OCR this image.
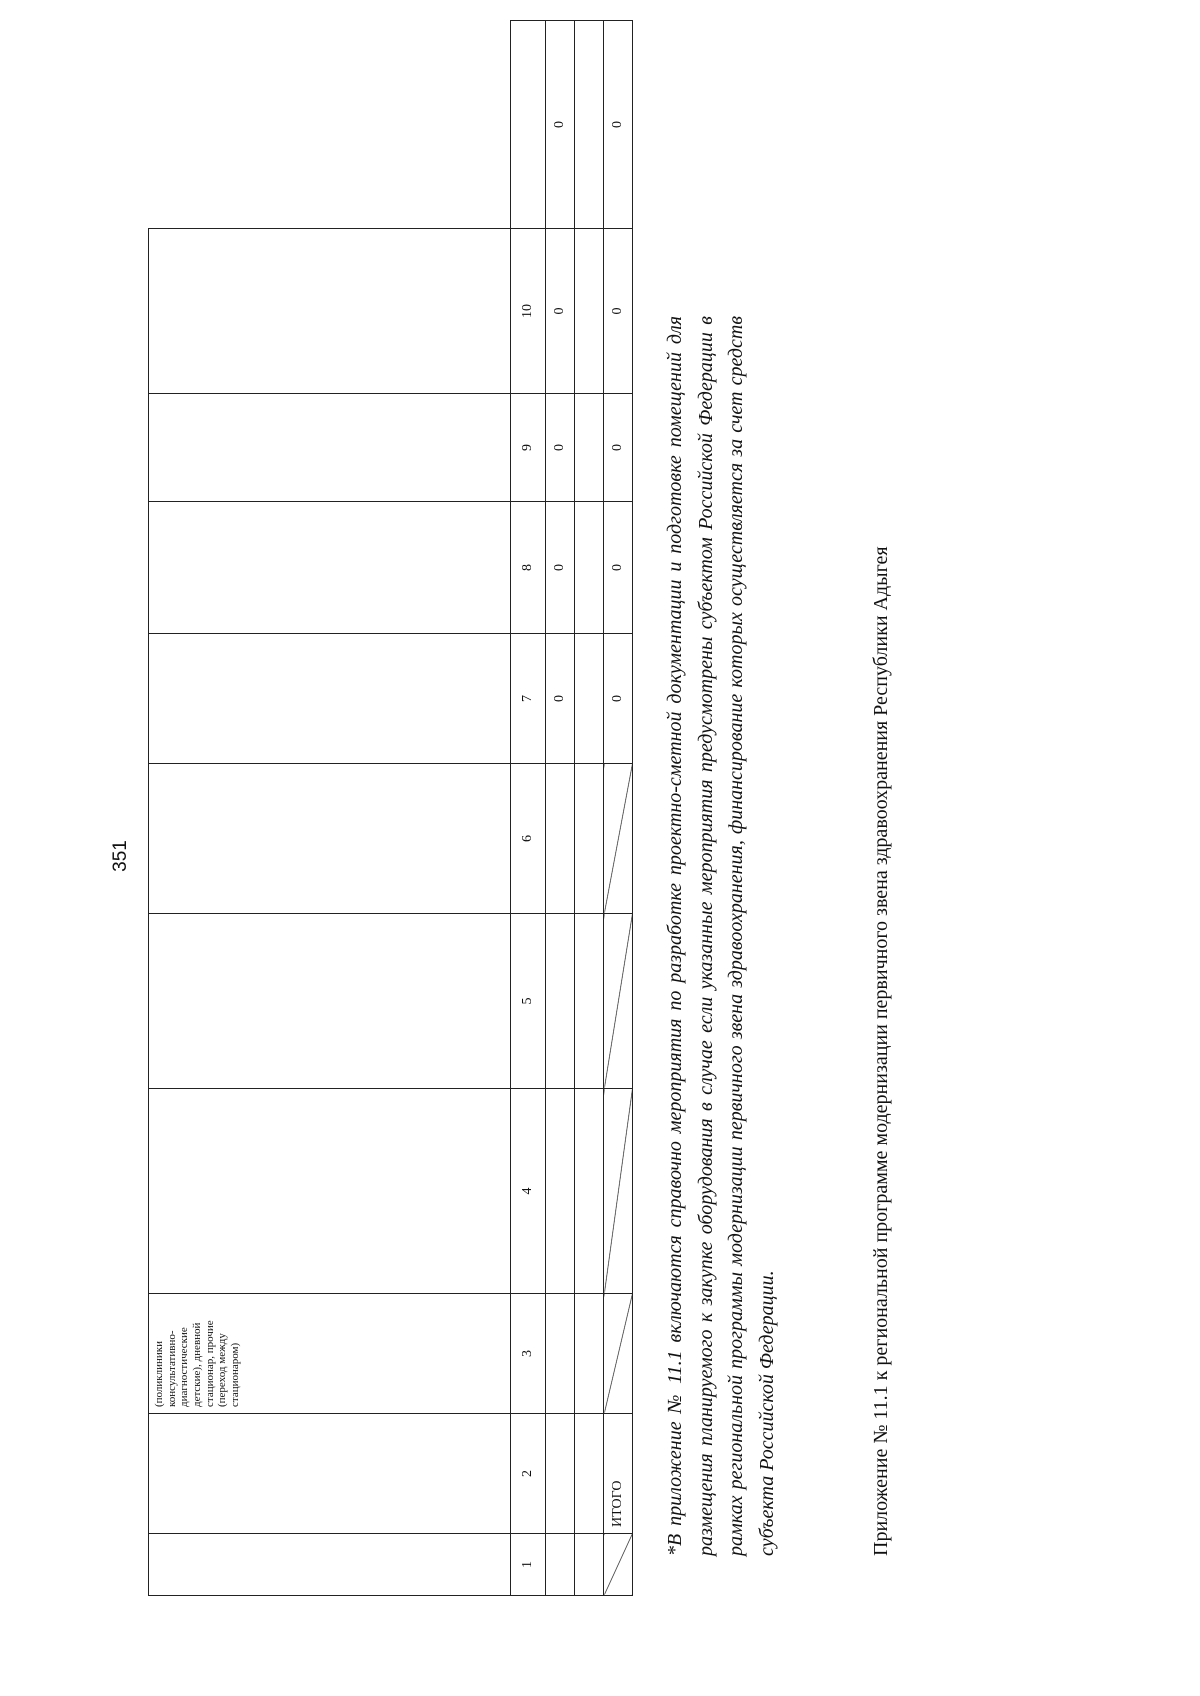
351

(поликлиники консультативно-диагностические детские), дневной стационар, прочие (переход между стационаром)

1	2	3	4	5	6	7	8	9	10	
						0	0	0	0	0

	ИТОГО					0	0	0	0	0
*В приложение № 11.1 включаются справочно мероприятия по разработке проектно-сметной документации и подготовке помещений для размещения планируемого к закупке оборудования в случае если указанные мероприятия предусмотрены субъектом Российской Федерации в рамках региональной программы модернизации первичного звена здравоохранения, финансирование которых осуществляется за счет средств субъекта Российской Федерации.	Приложение № 11.1 к региональной программе модернизации первичного звена здравоохранения Республики Адыгея
